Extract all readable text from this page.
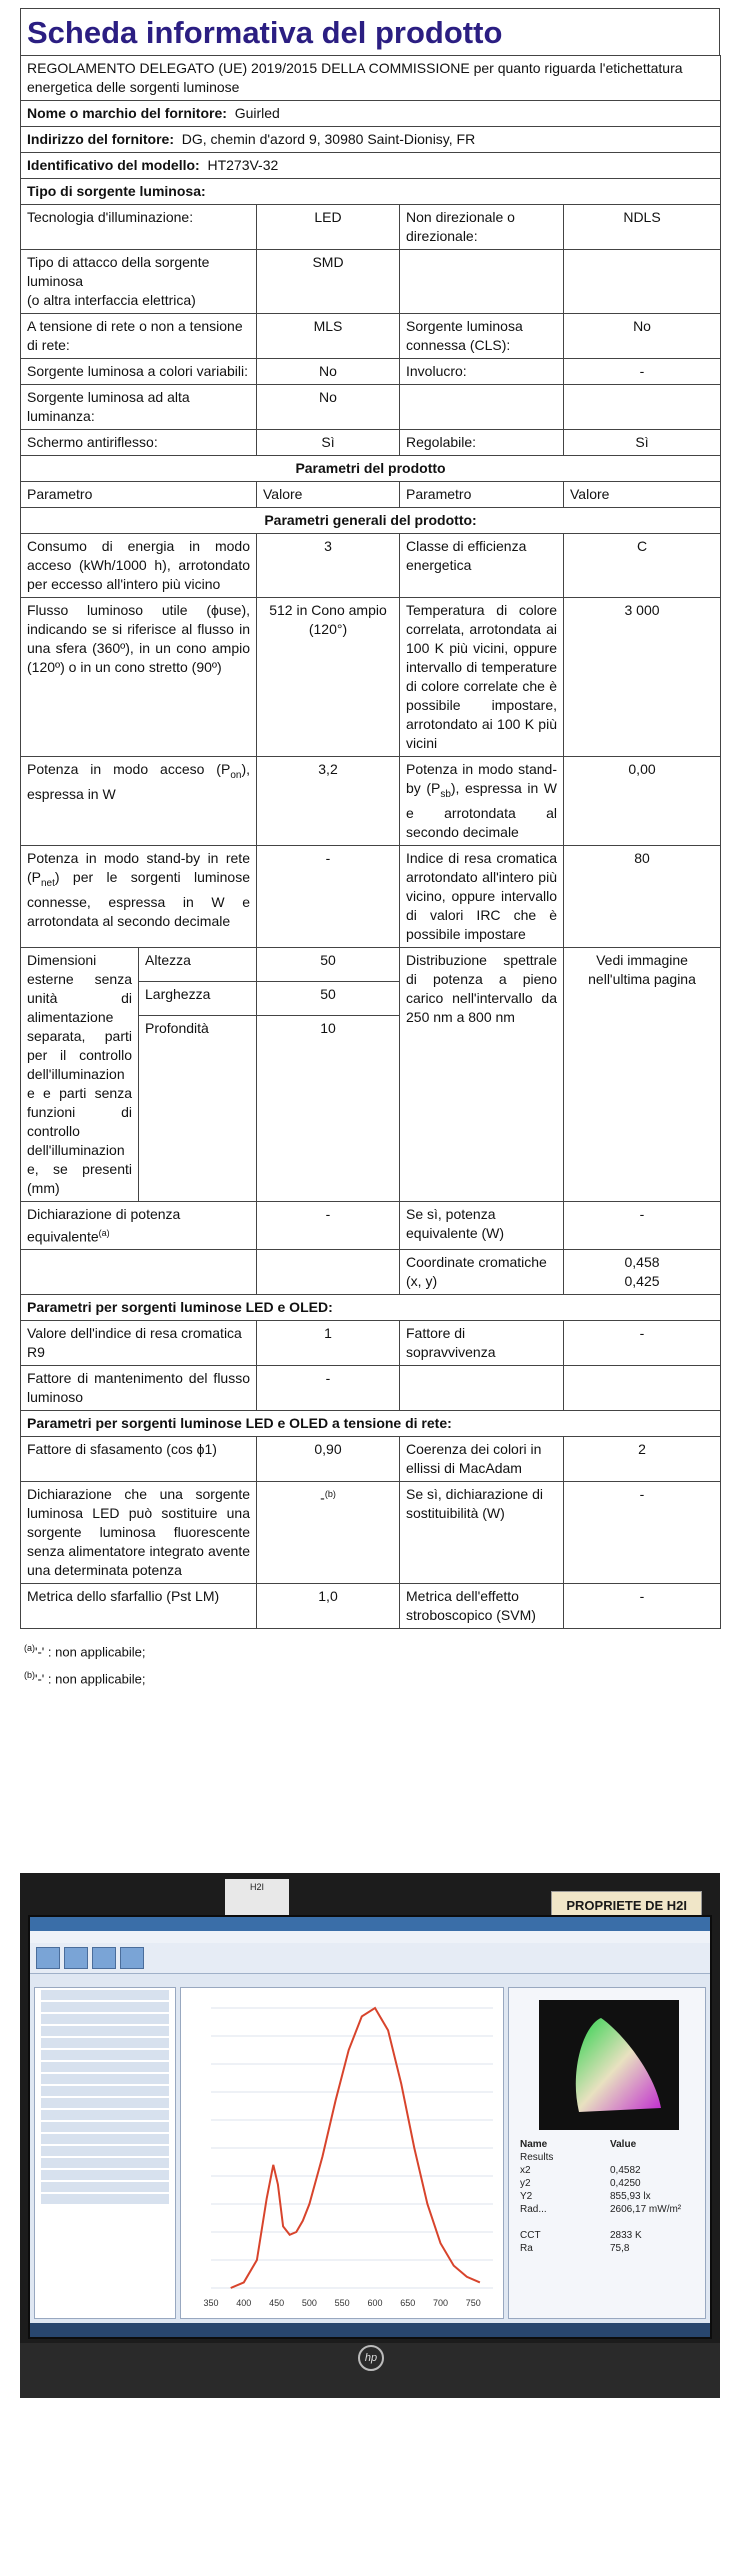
Scheda informativa del prodotto
REGOLAMENTO DELEGATO (UE) 2019/2015 DELLA COMMISSIONE per quanto riguarda l'etichettatura energetica delle sorgenti luminose				
Nome o marchio del fornitore: Guirled				
Indirizzo del fornitore: DG, chemin d'azord 9, 30980 Saint-Dionisy, FR				
Identificativo del modello: HT273V-32				
Tipo di sorgente luminosa:				
Tecnologia d'illuminazione:		LED	Non direzionale o direzionale:	NDLS
Tipo di attacco della sorgente luminosa
(o altra interfaccia elettrica)		SMD		
A tensione di rete o non a tensione di rete:		MLS	Sorgente luminosa connessa (CLS):	No
Sorgente luminosa a colori variabili:		No	Involucro:	-
Sorgente luminosa ad alta luminanza:		No		
Schermo antiriflesso:		Sì	Regolabile:	Sì
Parametri del prodotto				
Parametro		Valore	Parametro	Valore
Parametri generali del prodotto:				
Consumo di energia in modo acceso (kWh/1000 h), arrotondato per eccesso all'intero più vicino		3	Classe di efficienza energetica	C
Flusso luminoso utile (ϕuse), indicando se si riferisce al flusso in una sfera (360º), in un cono ampio (120º) o in un cono stretto (90º)		512 in Cono ampio (120°)	Temperatura di colore correlata, arrotondata ai 100 K più vicini, oppure intervallo di temperature di colore correlate che è possibile impostare, arrotondato ai 100 K più vicini	3 000
Potenza in modo acceso $(P_{on})$, espressa in W		3,2	Potenza in modo stand-by $(P_{sb})$, espressa in W e arrotondata al secondo decimale	0,00
Potenza in modo stand-by in rete $(P_{net})$ per le sorgenti luminose connesse, espressa in W e arrotondata al secondo decimale		-	Indice di resa cromatica arrotondato all'intero più vicino, oppure intervallo di valori IRC che è possibile impostare	80
Dimensioni esterne senza unità di alimentazione separata, parti per il controllo dell'illuminazione e parti senza funzioni di controllo dell'illuminazione, se presenti (mm)	Altezza	50	Distribuzione spettrale di potenza a pieno carico nell'intervallo da 250 nm a 800 nm	Vedi immagine nell'ultima pagina
	Larghezza	50		
	Profondità	10		
Dichiarazione di potenza equivalente$^{(a)}$		-	Se sì, potenza equivalente (W)	-
			Coordinate cromatiche (x, y)	0,458
0,425
Parametri per sorgenti luminose LED e OLED:				
Valore dell'indice di resa cromatica R9		1	Fattore di sopravvivenza	-
Fattore di mantenimento del flusso luminoso		-		
Parametri per sorgenti luminose LED e OLED a tensione di rete:				
Fattore di sfasamento (cos ϕ1)		0,90	Coerenza dei colori in ellissi di MacAdam	2
Dichiarazione che una sorgente luminosa LED può sostituire una sorgente luminosa fluorescente senza alimentatore integrato avente una determinata potenza		-$^{(b)}$	Se sì, dichiarazione di sostituibilità (W)	-
Metrica dello sfarfallio (Pst LM)		1,0	Metrica dell'effetto stroboscopico (SVM)	-
$^{(a)}$'-' : non applicabile;
$^{(b)}$'-' : non applicabile;
H2I
PROPRIETE DE H2I
350 400 450 500 550 600 650 700 750
Name	Value
Results	
x2	0,4582
y2	0,4250
Y2	855,93 lx
Rad...	2606,17 mW/m²

CCT	2833 K
Ra	75,8
hp
